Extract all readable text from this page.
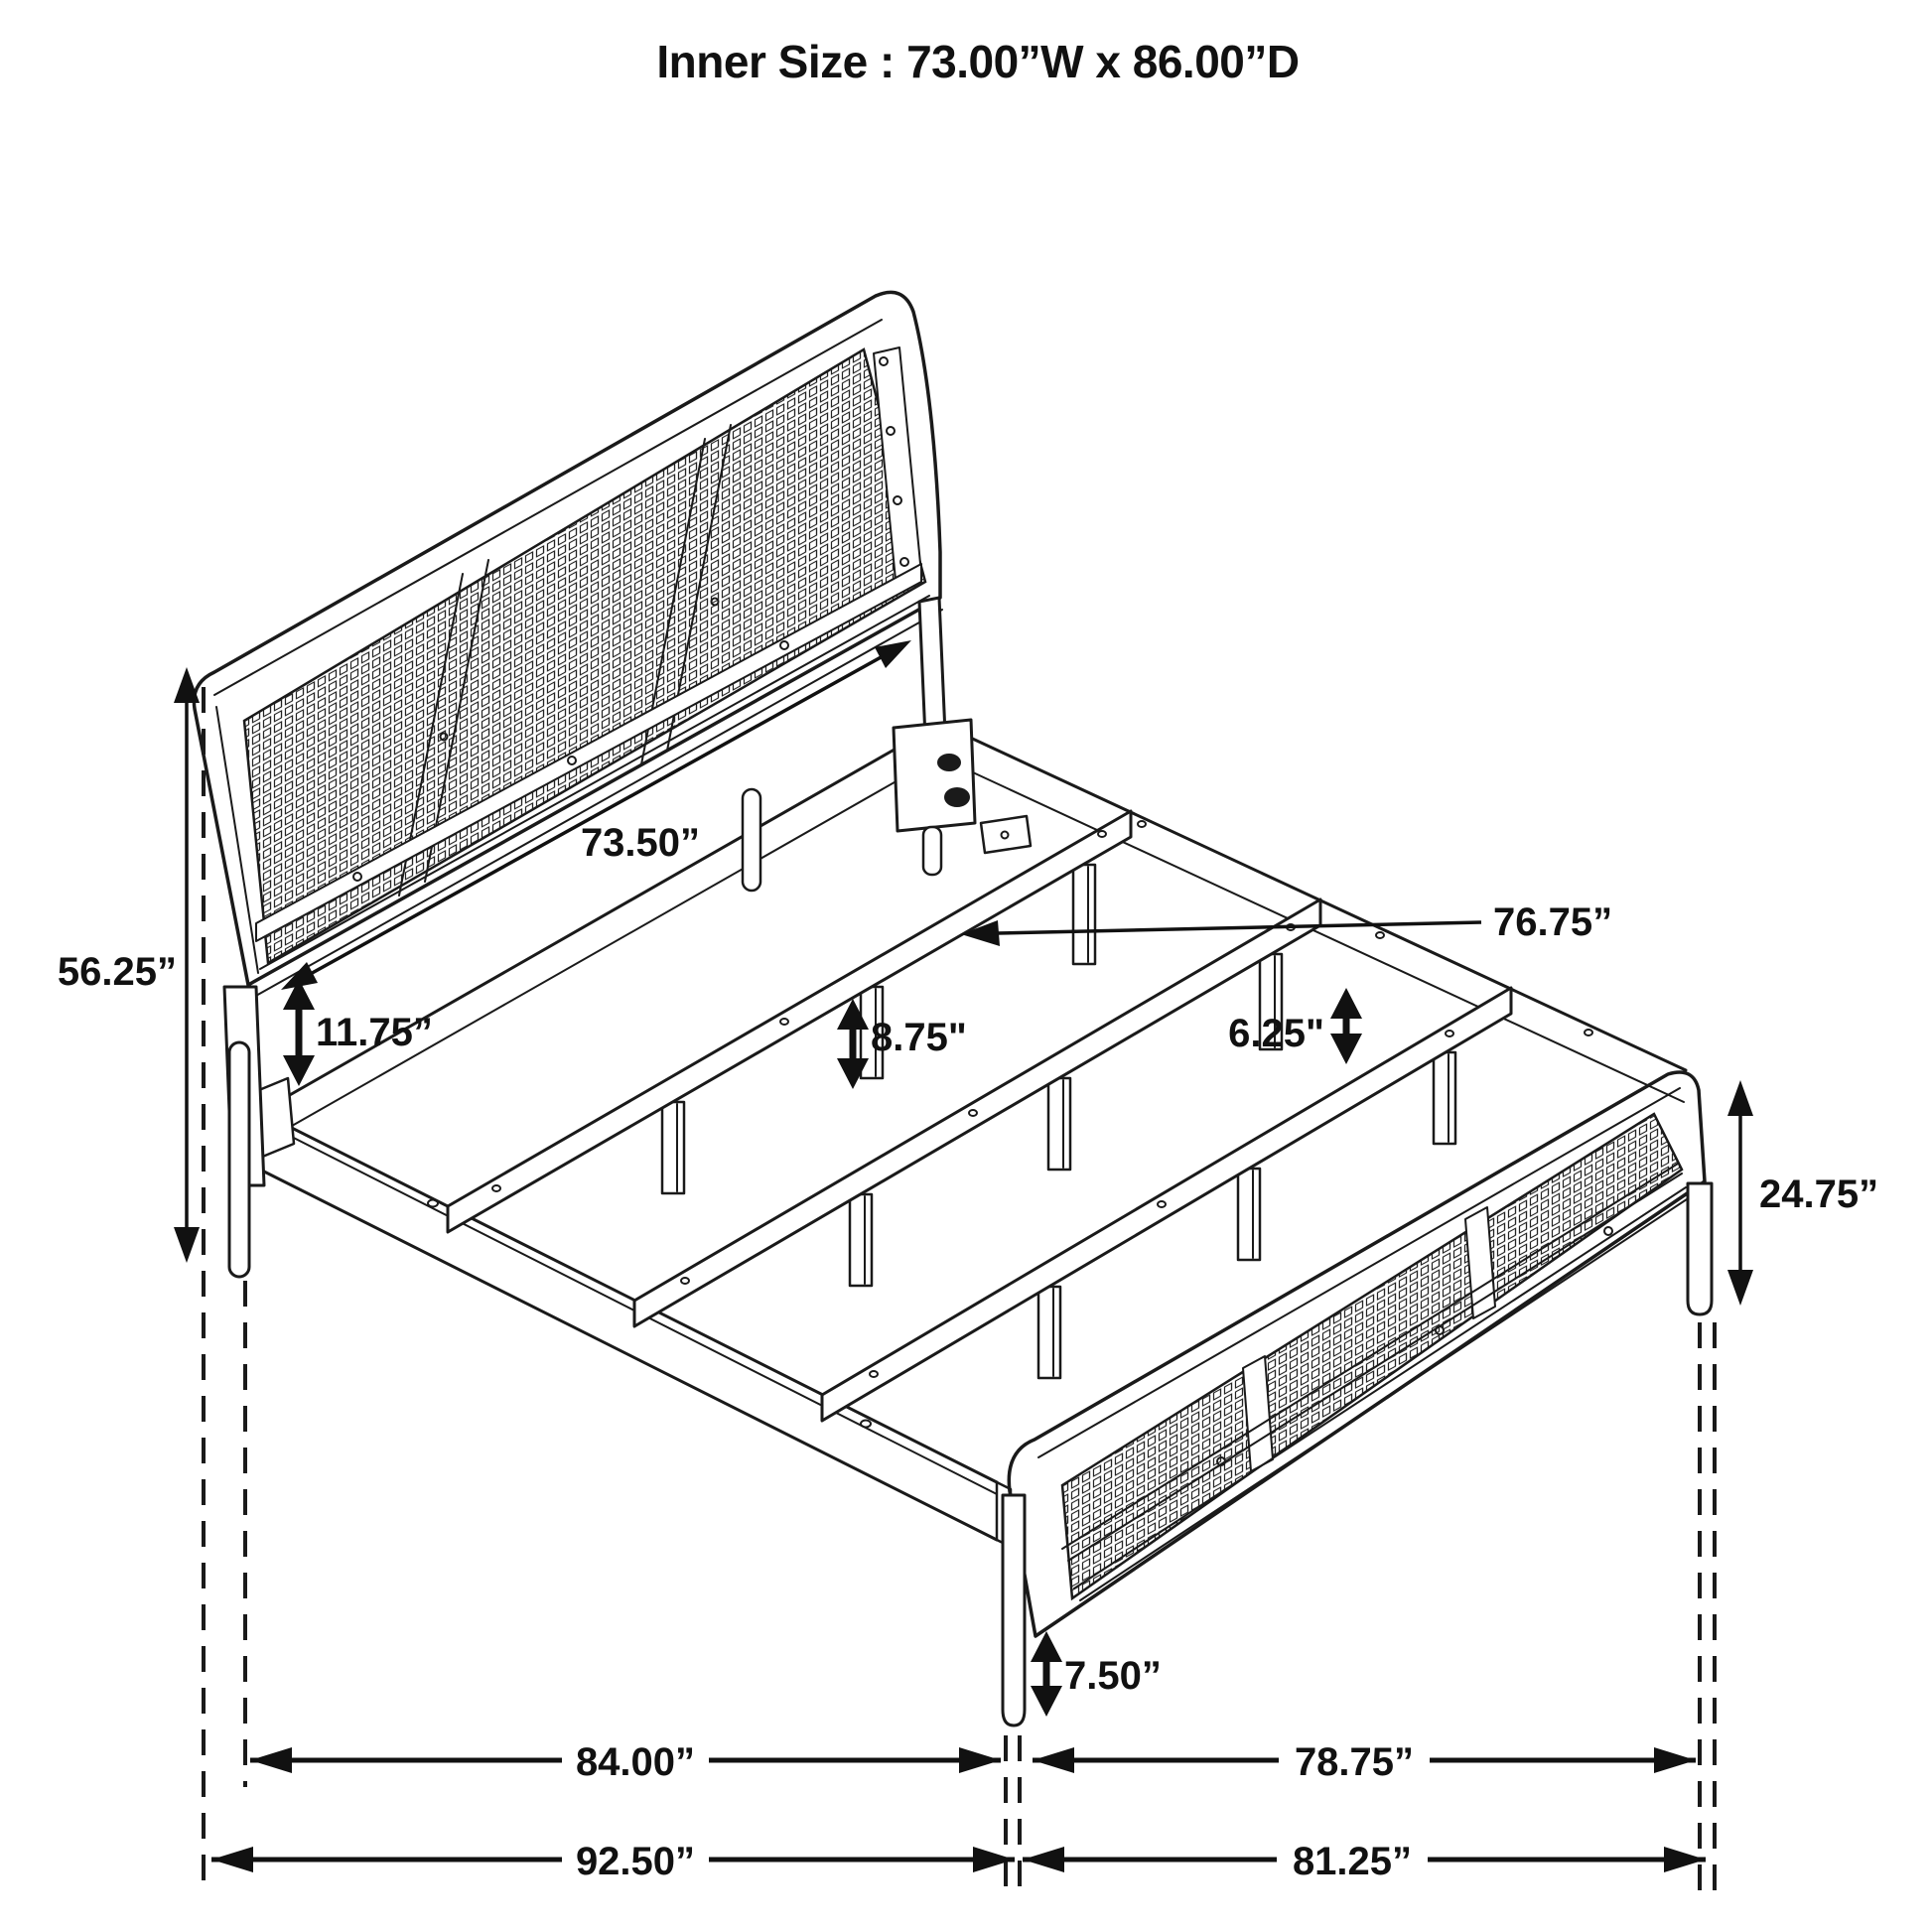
56.25”
73.50”
76.75”
11.75”	8.75"	6.25"
24.75”
7.50”
84.00”	78.75”
92.50”	81.25”
Inner Size : 73.00”W x 86.00”D
